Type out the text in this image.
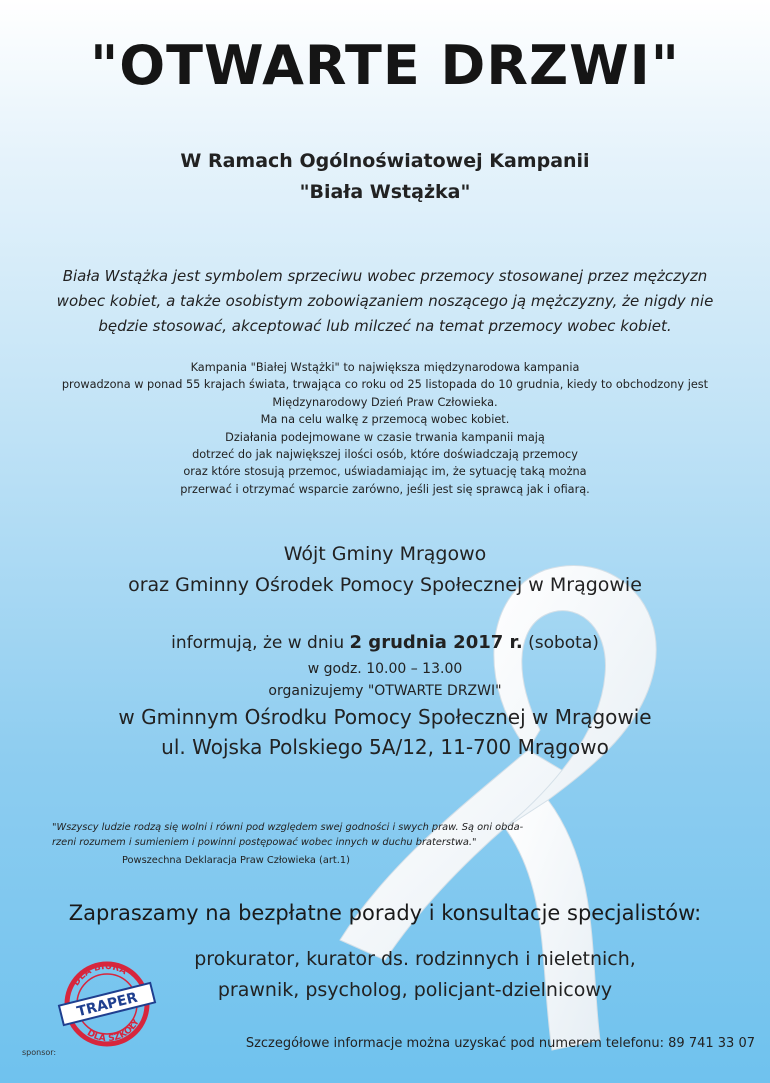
"OTWARTE DRZWI"
W Ramach Ogólnoświatowej Kampanii
"Biała Wstążka"
Biała Wstążka jest symbolem sprzeciwu wobec przemocy stosowanej przez mężczyzn
wobec kobiet, a także osobistym zobowiązaniem noszącego ją mężczyzny, że nigdy nie
będzie stosować, akceptować lub milczeć na temat przemocy wobec kobiet.
Kampania "Białej Wstążki" to największa międzynarodowa kampania
prowadzona w ponad 55 krajach świata, trwająca co roku od 25 listopada do 10 grudnia, kiedy to obchodzony jest
Międzynarodowy Dzień Praw Człowieka.
Ma na celu walkę z przemocą wobec kobiet.
Działania podejmowane w czasie trwania kampanii mają
dotrzeć do jak największej ilości osób, które doświadczają przemocy
oraz które stosują przemoc, uświadamiając im, że sytuację taką można
przerwać i otrzymać wsparcie zarówno, jeśli jest się sprawcą jak i ofiarą.
Wójt Gminy Mrągowo
oraz Gminny Ośrodek Pomocy Społecznej w Mrągowie
informują, że w dniu 2 grudnia 2017 r. (sobota)
w godz. 10.00 – 13.00
organizujemy "OTWARTE DRZWI"
w Gminnym Ośrodku Pomocy Społecznej w Mrągowie
ul. Wojska Polskiego 5A/12, 11-700 Mrągowo
"Wszyscy ludzie rodzą się wolni i równi pod względem swej godności i swych praw. Są oni obda-
rzeni rozumem i sumieniem i powinni postępować wobec innych w duchu braterstwa."
Powszechna Deklaracja Praw Człowieka (art.1)
Zapraszamy na bezpłatne porady i konsultacje specjalistów:
prokurator, kurator ds. rodzinnych i nieletnich,
prawnik, psycholog, policjant-dzielnicowy
DLA BIURA
DLA SZKOŁY
TRAPER
sponsor:
Szczegółowe informacje można uzyskać pod numerem telefonu: 89 741 33 07
